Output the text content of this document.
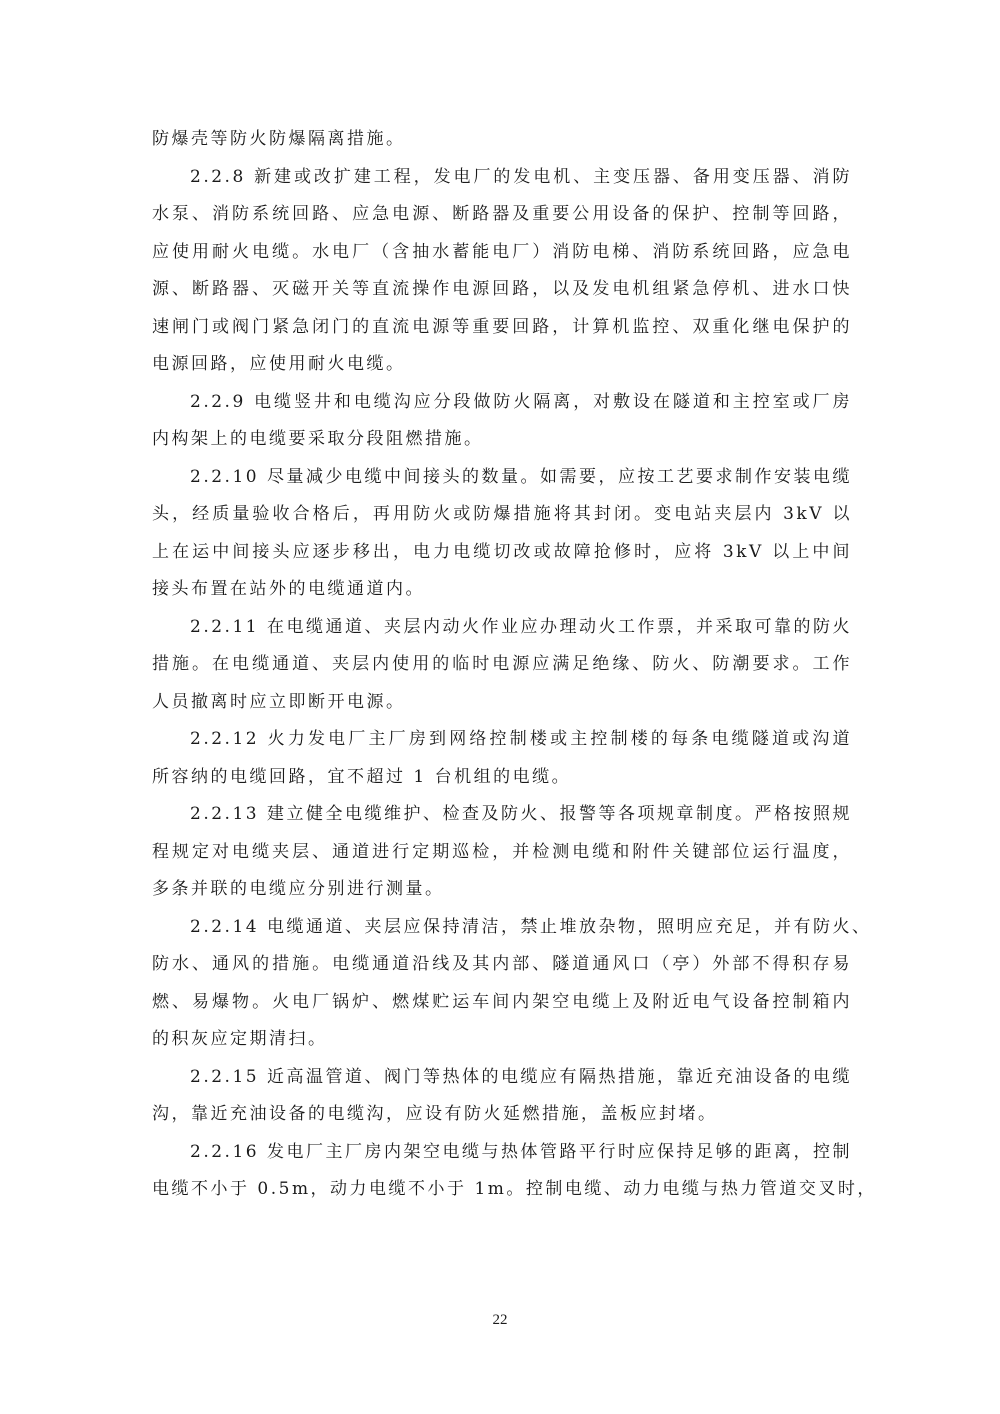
防爆壳等防火防爆隔离措施。
2.2.8 新建或改扩建工程，发电厂的发电机、主变压器、备用变压器、消防
水泵、消防系统回路、应急电源、断路器及重要公用设备的保护、控制等回路，
应使用耐火电缆。水电厂（含抽水蓄能电厂）消防电梯、消防系统回路，应急电
源、断路器、灭磁开关等直流操作电源回路，以及发电机组紧急停机、进水口快
速闸门或阀门紧急闭门的直流电源等重要回路，计算机监控、双重化继电保护的
电源回路，应使用耐火电缆。
2.2.9 电缆竖井和电缆沟应分段做防火隔离，对敷设在隧道和主控室或厂房
内构架上的电缆要采取分段阻燃措施。
2.2.10 尽量减少电缆中间接头的数量。如需要，应按工艺要求制作安装电缆
头，经质量验收合格后，再用防火或防爆措施将其封闭。变电站夹层内 3kV 以
上在运中间接头应逐步移出，电力电缆切改或故障抢修时，应将 3kV 以上中间
接头布置在站外的电缆通道内。
2.2.11 在电缆通道、夹层内动火作业应办理动火工作票，并采取可靠的防火
措施。在电缆通道、夹层内使用的临时电源应满足绝缘、防火、防潮要求。工作
人员撤离时应立即断开电源。
2.2.12 火力发电厂主厂房到网络控制楼或主控制楼的每条电缆隧道或沟道
所容纳的电缆回路，宜不超过 1 台机组的电缆。
2.2.13 建立健全电缆维护、检查及防火、报警等各项规章制度。严格按照规
程规定对电缆夹层、通道进行定期巡检，并检测电缆和附件关键部位运行温度，
多条并联的电缆应分别进行测量。
2.2.14 电缆通道、夹层应保持清洁，禁止堆放杂物，照明应充足，并有防火、
防水、通风的措施。电缆通道沿线及其内部、隧道通风口（亭）外部不得积存易
燃、易爆物。火电厂锅炉、燃煤贮运车间内架空电缆上及附近电气设备控制箱内
的积灰应定期清扫。
2.2.15 近高温管道、阀门等热体的电缆应有隔热措施，靠近充油设备的电缆
沟，靠近充油设备的电缆沟，应设有防火延燃措施，盖板应封堵。
2.2.16 发电厂主厂房内架空电缆与热体管路平行时应保持足够的距离，控制
电缆不小于 0.5m，动力电缆不小于 1m。控制电缆、动力电缆与热力管道交叉时，
22
